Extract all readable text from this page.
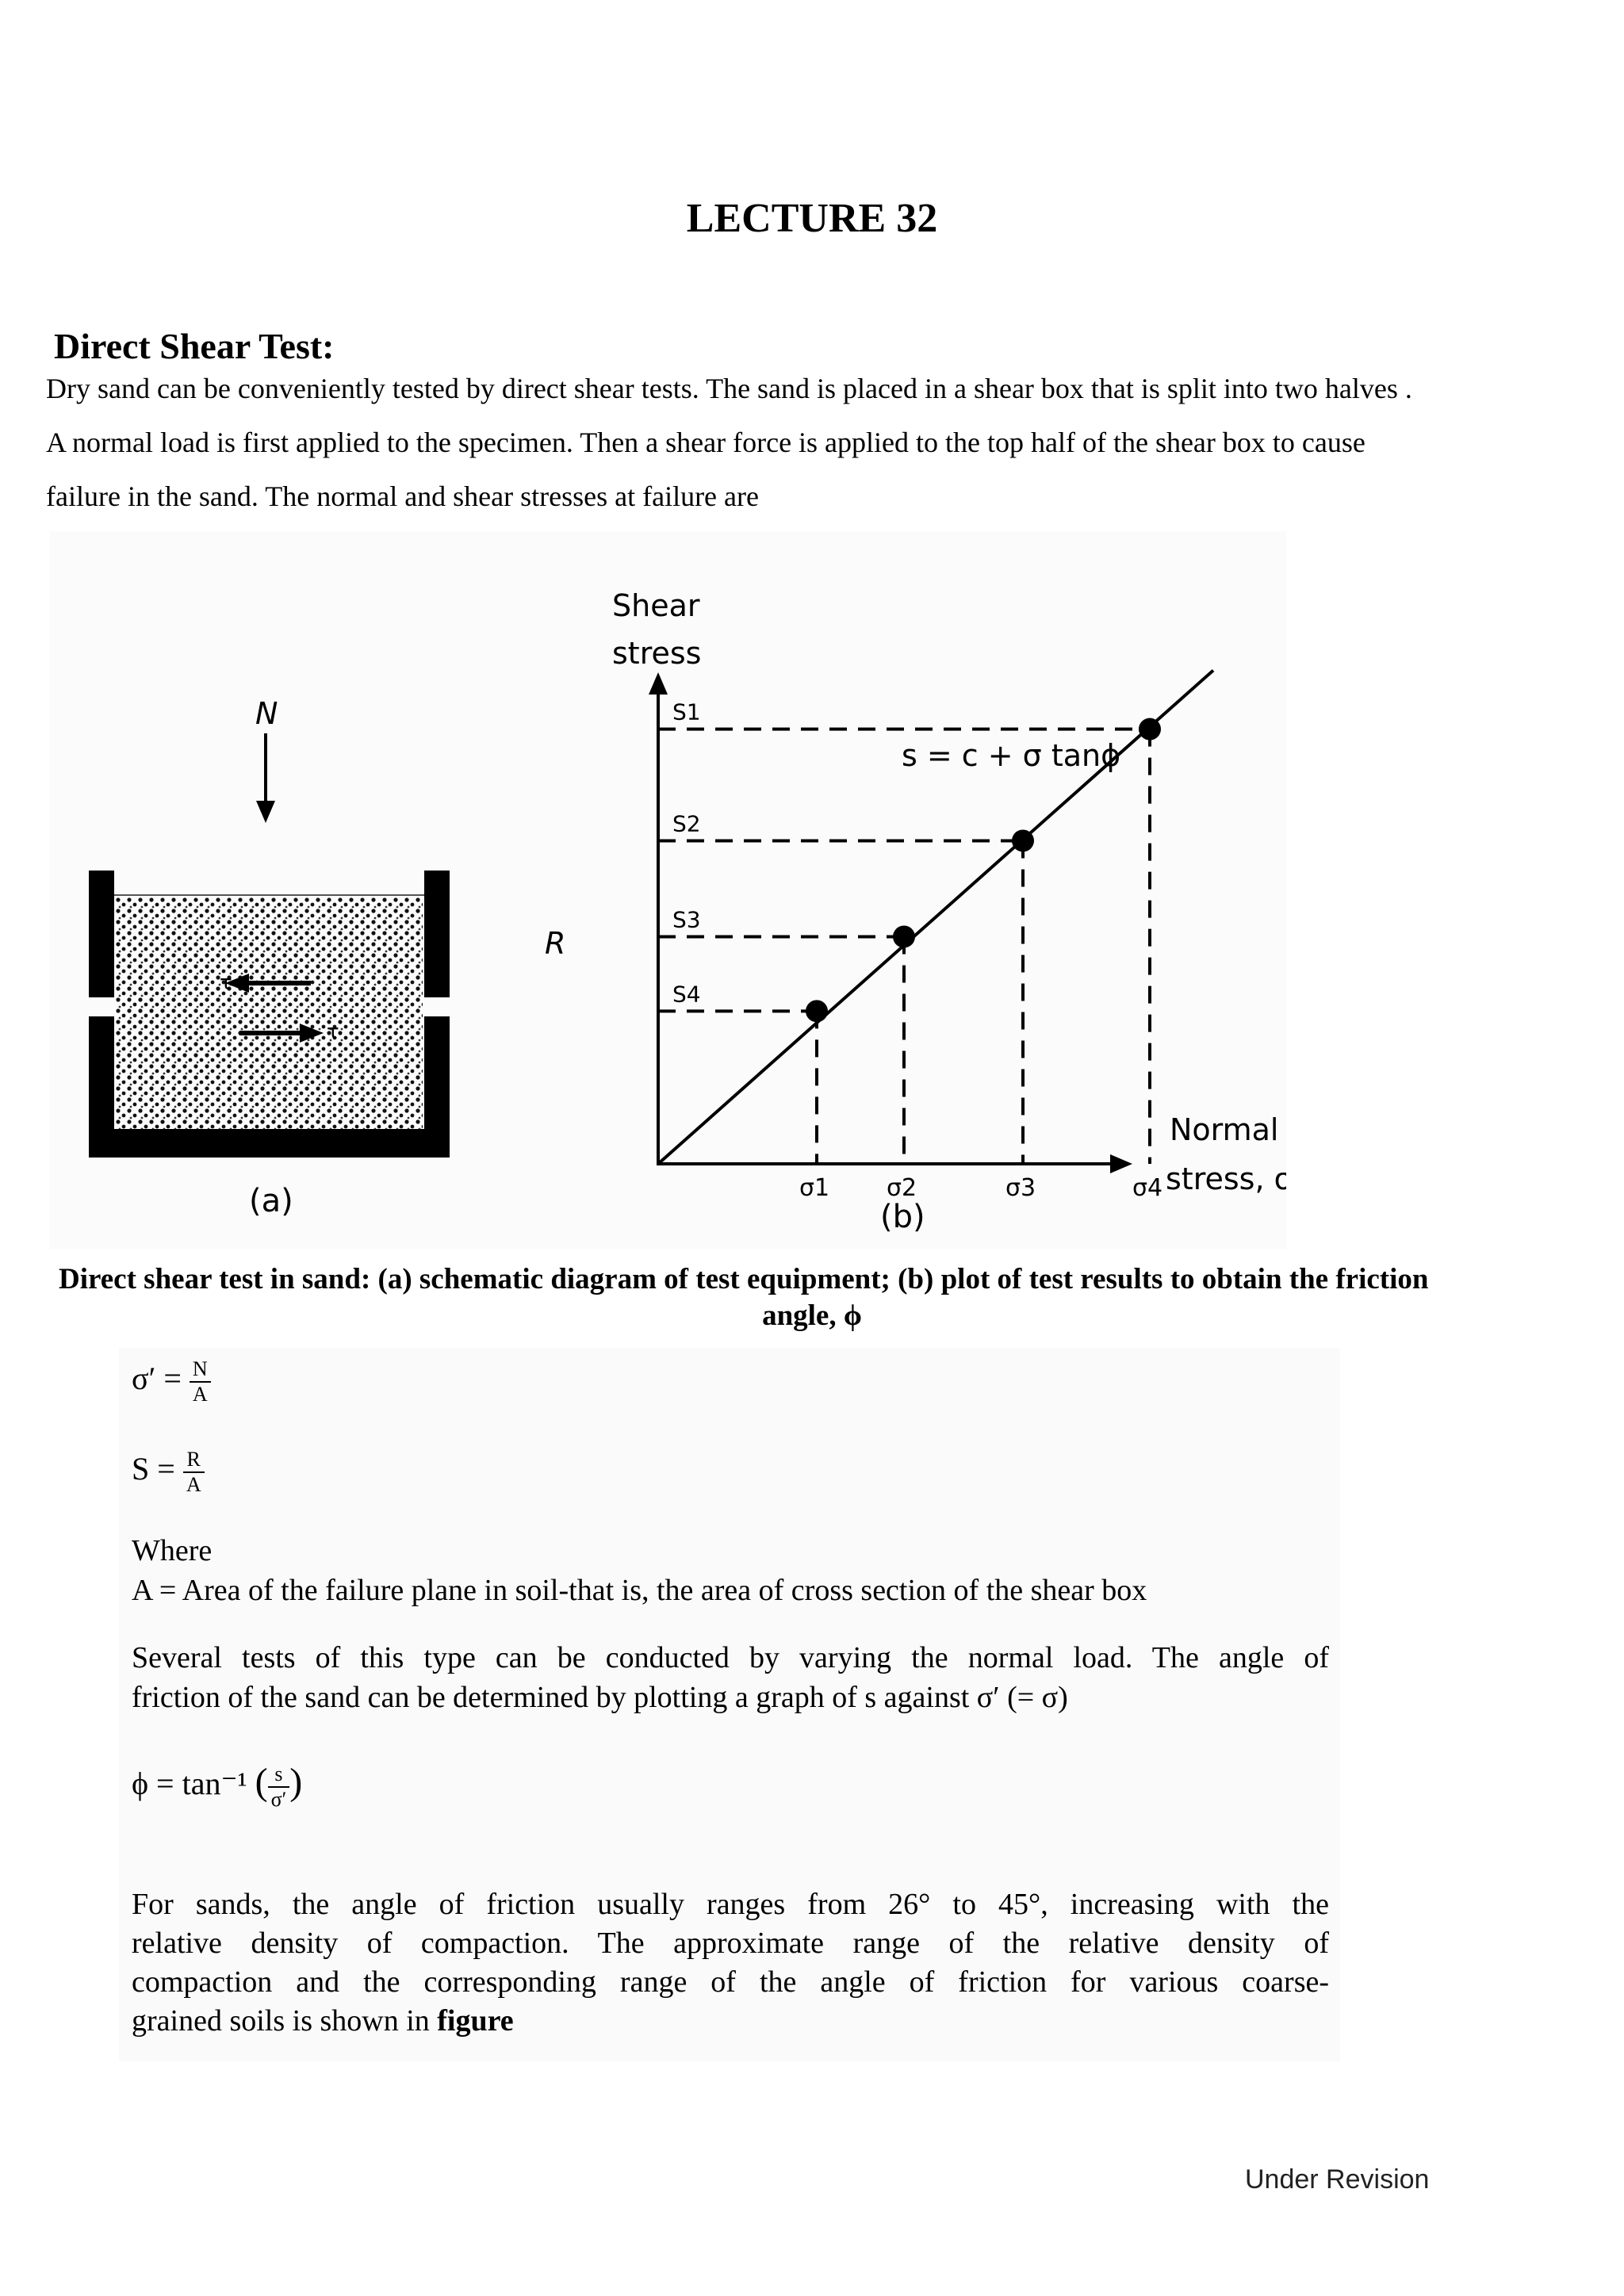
LECTURE 32
Direct Shear Test:
Dry sand can be conveniently tested by direct shear tests. The sand is placed in a shear box that is split into two halves .
A normal load is first applied to the specimen. Then a shear force is applied to the top half of the shear box to cause
failure in the sand. The normal and shear stresses at failure are
N
τ
τ
R
(a)
Shear
stress
Normal
stress, σ
s = c + σ tanϕ
S1
S2
S3
S4
σ1 σ2	σ3	σ4
(b)
Direct shear test in sand: (a) schematic diagram of test equipment; (b) plot of test results to obtain the friction
angle, ϕ
$\sigma' = \frac{N}{A}$
$S = \frac{R}{A}$
Where
A = Area of the failure plane in soil-that is, the area of cross section of the shear box
Several tests of this type can be conducted by varying the normal load. The angle of
friction of the sand can be determined by plotting a graph of s against σ′ (= σ)
ϕ = tan⁻¹ ( $\frac{s}{\sigma'}$ )
For sands, the angle of friction usually ranges from 26° to 45°, increasing with the
relative density of compaction. The approximate range of the relative density of
compaction and the corresponding range of the angle of friction for various coarse-
grained soils is shown in figure
Under Revision
